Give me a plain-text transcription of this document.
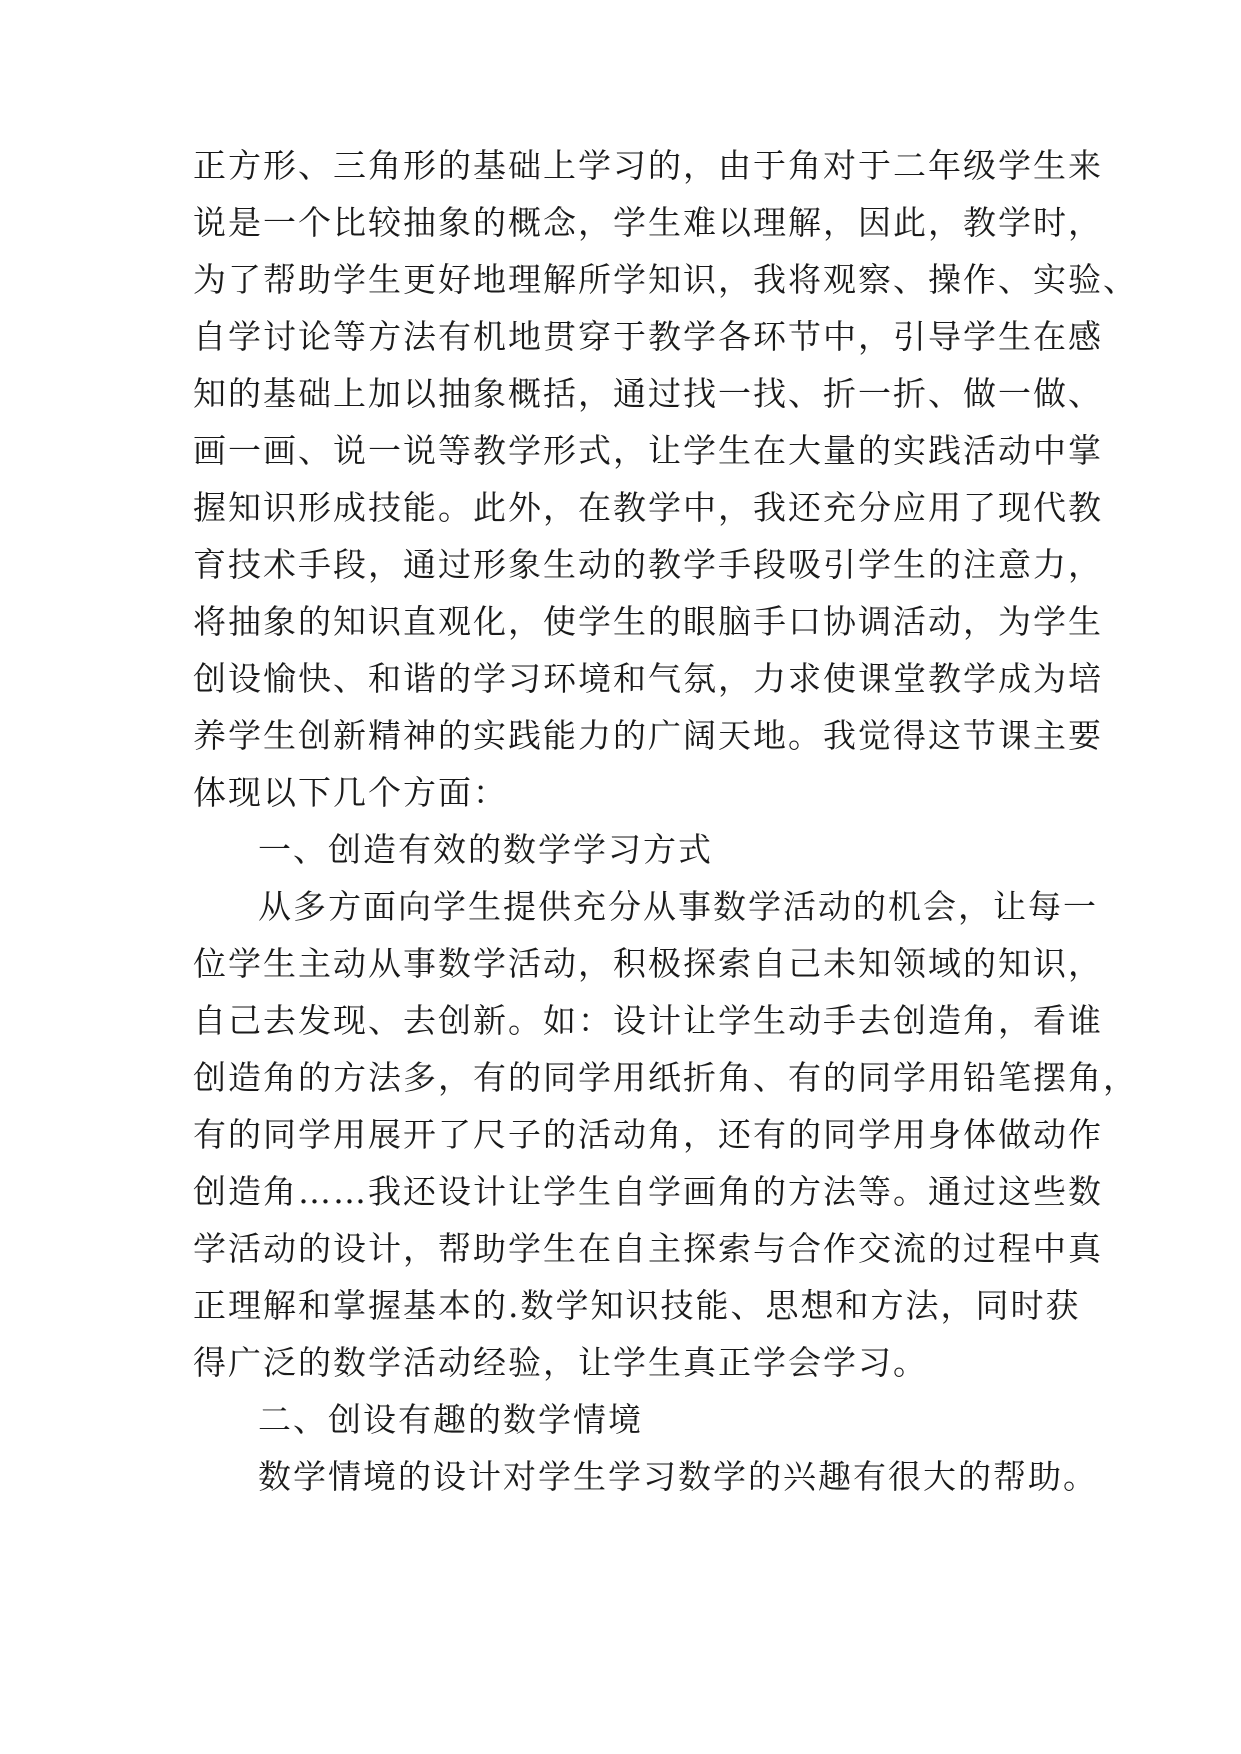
正方形、三角形的基础上学习的，由于角对于二年级学生来
说是一个比较抽象的概念，学生难以理解，因此，教学时，
为了帮助学生更好地理解所学知识，我将观察、操作、实验、
自学讨论等方法有机地贯穿于教学各环节中，引导学生在感
知的基础上加以抽象概括，通过找一找、折一折、做一做、
画一画、说一说等教学形式，让学生在大量的实践活动中掌
握知识形成技能。此外，在教学中，我还充分应用了现代教
育技术手段，通过形象生动的教学手段吸引学生的注意力，
将抽象的知识直观化，使学生的眼脑手口协调活动，为学生
创设愉快、和谐的学习环境和气氛，力求使课堂教学成为培
养学生创新精神的实践能力的广阔天地。我觉得这节课主要
体现以下几个方面：
一、创造有效的数学学习方式
从多方面向学生提供充分从事数学活动的机会，让每一
位学生主动从事数学活动，积极探索自己未知领域的知识，
自己去发现、去创新。如：设计让学生动手去创造角，看谁
创造角的方法多，有的同学用纸折角、有的同学用铅笔摆角，
有的同学用展开了尺子的活动角，还有的同学用身体做动作
创造角……我还设计让学生自学画角的方法等。通过这些数
学活动的设计，帮助学生在自主探索与合作交流的过程中真
正理解和掌握基本的.数学知识技能、思想和方法，同时获
得广泛的数学活动经验，让学生真正学会学习。
二、创设有趣的数学情境
数学情境的设计对学生学习数学的兴趣有很大的帮助。
